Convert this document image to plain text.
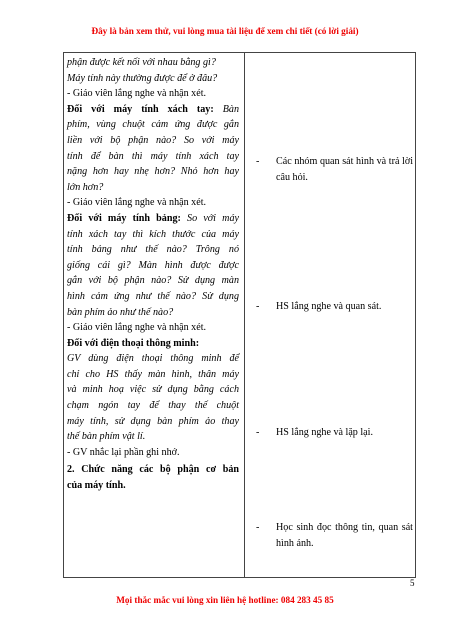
Đây là bản xem thử, vui lòng mua tài liệu để xem chi tiết (có lời giải)

phận được kết nối với nhau bằng gì?

Máy tính này thường được để ở đâu?

- Giáo viên lắng nghe và nhận xét.

Đối với máy tính xách tay: Bàn

phím, vùng chuột cảm ứng được gắn

liền với bộ phận nào? So với máy

tính để bàn thì máy tính xách tay

nặng hơn hay nhẹ hơn? Nhỏ hơn hay

lớn hơn?

- Giáo viên lắng nghe và nhận xét.

Đối với máy tính bảng: So với máy

tính xách tay thì kích thước của máy

tính bảng như thế nào? Trông nó

giống cái gì? Màn hình được được

gắn với bộ phận nào? Sử dụng màn

hình cảm ứng như thế nào? Sử dụng

bàn phím ảo như thế nào?

- Giáo viên lắng nghe và nhận xét.

Đối với điện thoại thông minh:

GV dùng điện thoại thông minh để

chỉ cho HS thấy màn hình, thân máy

và minh hoạ việc sử dụng bằng cách

chạm ngón tay để thay thế chuột

máy tính, sử dụng bàn phím ảo thay

thế bàn phím vật lí.

- GV nhắc lại phần ghi nhớ.

2. Chức năng các bộ phận cơ bản

của máy tính.

- Các nhóm quan sát hình và trả lời
câu hỏi.
- HS lắng nghe và quan sát.
- HS lắng nghe và lặp lại.
- Học sinh đọc thông tin, quan sát
hình ảnh.
5
Mọi thắc mắc vui lòng xin liên hệ hotline: 084 283 45 85
